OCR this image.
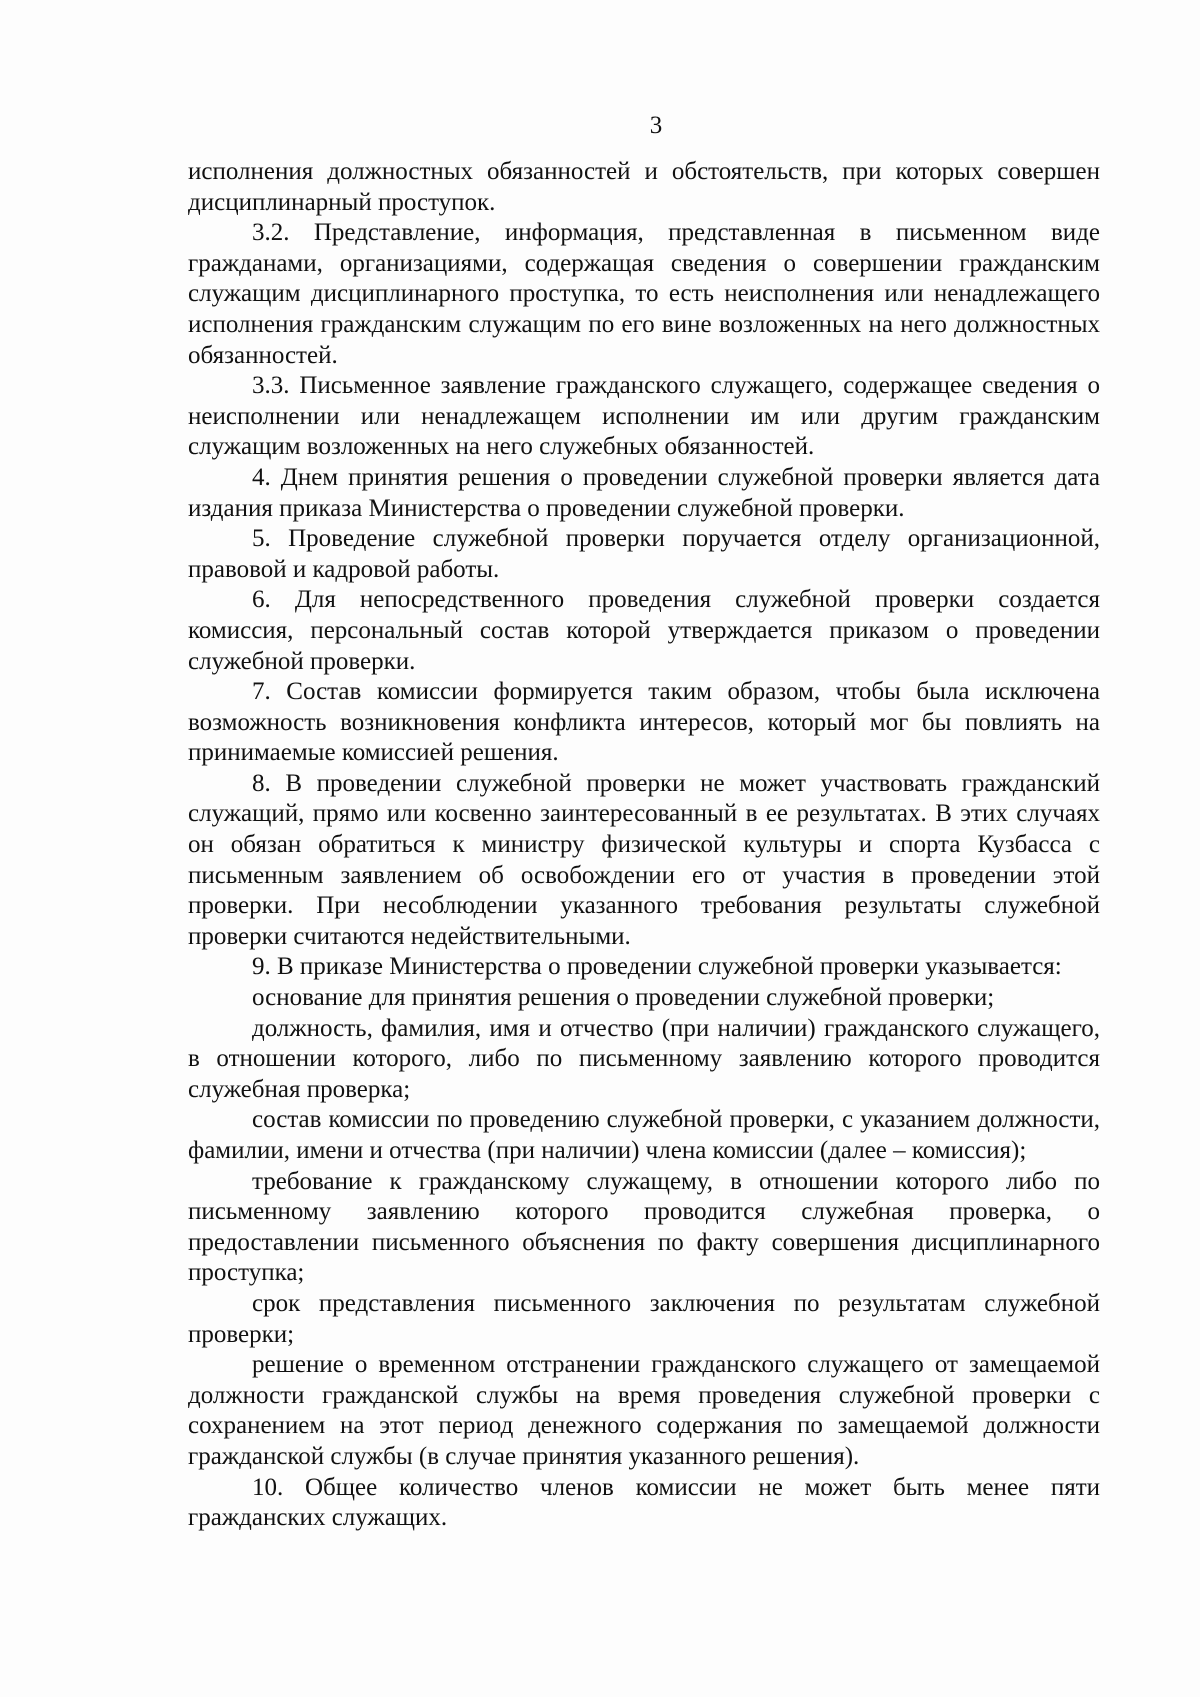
3

исполнения должностных обязанностей и обстоятельств, при которых совершен дисциплинарный проступок.

3.2. Представление, информация, представленная в письменном виде гражданами, организациями, содержащая сведения о совершении гражданским служащим дисциплинарного проступка, то есть неисполнения или ненадлежащего исполнения гражданским служащим по его вине возложенных на него должностных обязанностей.

3.3. Письменное заявление гражданского служащего, содержащее сведения о неисполнении или ненадлежащем исполнении им или другим гражданским служащим возложенных на него служебных обязанностей.

4. Днем принятия решения о проведении служебной проверки является дата издания приказа Министерства о проведении служебной проверки.

5. Проведение служебной проверки поручается отделу организационной, правовой и кадровой работы.

6. Для непосредственного проведения служебной проверки создается комиссия, персональный состав которой утверждается приказом о проведении служебной проверки.

7. Состав комиссии формируется таким образом, чтобы была исключена возможность возникновения конфликта интересов, который мог бы повлиять на принимаемые комиссией решения.

8. В проведении служебной проверки не может участвовать гражданский служащий, прямо или косвенно заинтересованный в ее результатах. В этих случаях он обязан обратиться к министру физической культуры и спорта Кузбасса с письменным заявлением об освобождении его от участия в проведении этой проверки. При несоблюдении указанного требования результаты служебной проверки считаются недействительными.

9. В приказе Министерства о проведении служебной проверки указывается:

основание для принятия решения о проведении служебной проверки;

должность, фамилия, имя и отчество (при наличии) гражданского служащего, в отношении которого, либо по письменному заявлению которого проводится служебная проверка;

состав комиссии по проведению служебной проверки, с указанием должности, фамилии, имени и отчества (при наличии) члена комиссии (далее – комиссия);

требование к гражданскому служащему, в отношении которого либо по письменному заявлению которого проводится служебная проверка, о предоставлении письменного объяснения по факту совершения дисциплинарного проступка;

срок представления письменного заключения по результатам служебной проверки;

решение о временном отстранении гражданского служащего от замещаемой должности гражданской службы на время проведения служебной проверки с сохранением на этот период денежного содержания по замещаемой должности гражданской службы (в случае принятия указанного решения).

10. Общее количество членов комиссии не может быть менее пяти гражданских служащих.
